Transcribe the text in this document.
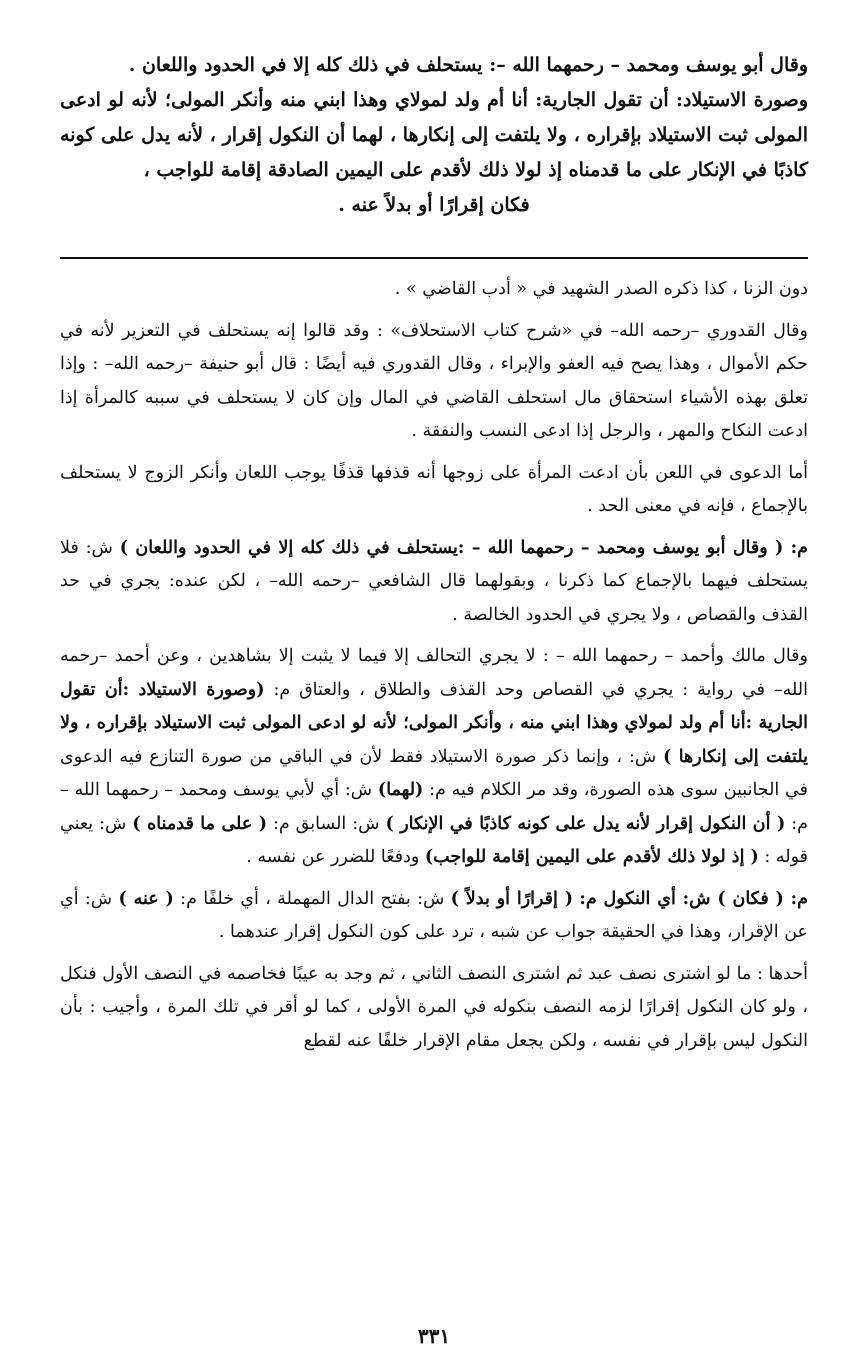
وقال أبو يوسف ومحمد – رحمهما الله –: يستحلف في ذلك كله إلا في الحدود واللعان .

وصورة الاستيلاد: أن تقول الجارية: أنا أم ولد لمولاي وهذا ابني منه وأنكر المولى؛ لأنه لو ادعى المولى ثبت الاستيلاد بإقراره ، ولا يلتفت إلى إنكارها ، لهما أن النكول إقرار ، لأنه يدل على كونه كاذبًا في الإنكار على ما قدمناه إذ لولا ذلك لأقدم على اليمين الصادقة إقامة للواجب ،

فكان إقرارًا أو بدلاً عنه .

دون الزنا ، كذا ذكره الصدر الشهيد في « أدب القاضي » .

وقال القدوري –رحمه الله– في «شرح كتاب الاستحلاف» : وقد قالوا إنه يستحلف في التعزير لأنه في حكم الأموال ، وهذا يصح فيه العفو والإبراء ، وقال القدوري فيه أيضًا : قال أبو حنيفة –رحمه الله– : وإذا تعلق بهذه الأشياء استحقاق مال استحلف القاضي في المال وإن كان لا يستحلف في سببه كالمرأة إذا ادعت النكاح والمهر ، والرجل إذا ادعى النسب والنفقة .

أما الدعوى في اللعن بأن ادعت المرأة على زوجها أنه قذفها قذفًا يوجب اللعان وأنكر الزوج لا يستحلف بالإجماع ، فإنه في معنى الحد .

م: ( وقال أبو يوسف ومحمد – رحمهما الله – :يستحلف في ذلك كله إلا في الحدود واللعان ) ش: فلا يستحلف فيهما بالإجماع كما ذكرنا ، وبقولهما قال الشافعي –رحمه الله– ، لكن عنده: يجري في حد القذف والقصاص ، ولا يجري في الحدود الخالصة .

وقال مالك وأحمد – رحمهما الله – : لا يجري التحالف إلا فيما لا يثبت إلا بشاهدين ، وعن أحمد –رحمه الله– في رواية : يجري في القصاص وحد القذف والطلاق ، والعتاق م: (وصورة الاستيلاد :أن تقول الجارية :أنا أم ولد لمولاي وهذا ابني منه ، وأنكر المولى؛ لأنه لو ادعى المولى ثبت الاستيلاد بإقراره ، ولا يلتفت إلى إنكارها ) ش: ، وإنما ذكر صورة الاستيلاد فقط لأن في الباقي من صورة التنازع فيه الدعوى في الجانبين سوى هذه الصورة، وقد مر الكلام فيه م: (لهما) ش: أي لأبي يوسف ومحمد – رحمهما الله – م: ( أن النكول إقرار لأنه يدل على كونه كاذبًا في الإنكار ) ش: السابق م: ( على ما قدمناه ) ش: يعني قوله : ( إذ لولا ذلك لأقدم على اليمين إقامة للواجب) ودفعًا للضرر عن نفسه .

م: ( فكان ) ش: أي النكول م: ( إقرارًا أو بدلاً ) ش: بفتح الدال المهملة ، أي خلفًا م: ( عنه ) ش: أي عن الإقرار، وهذا في الحقيقة جواب عن شبه ، ترد على كون النكول إقرار عندهما .

أحدها : ما لو اشترى نصف عبد ثم اشترى النصف الثاني ، ثم وجد به عيبًا فخاصمه في النصف الأول فنكل ، ولو كان النكول إقرارًا لزمه النصف بنكوله في المرة الأولى ، كما لو أقر في تلك المرة ، وأجيب : بأن النكول ليس بإقرار في نفسه ، ولكن يجعل مقام الإقرار خلفًا عنه لقطع

٣٣١
